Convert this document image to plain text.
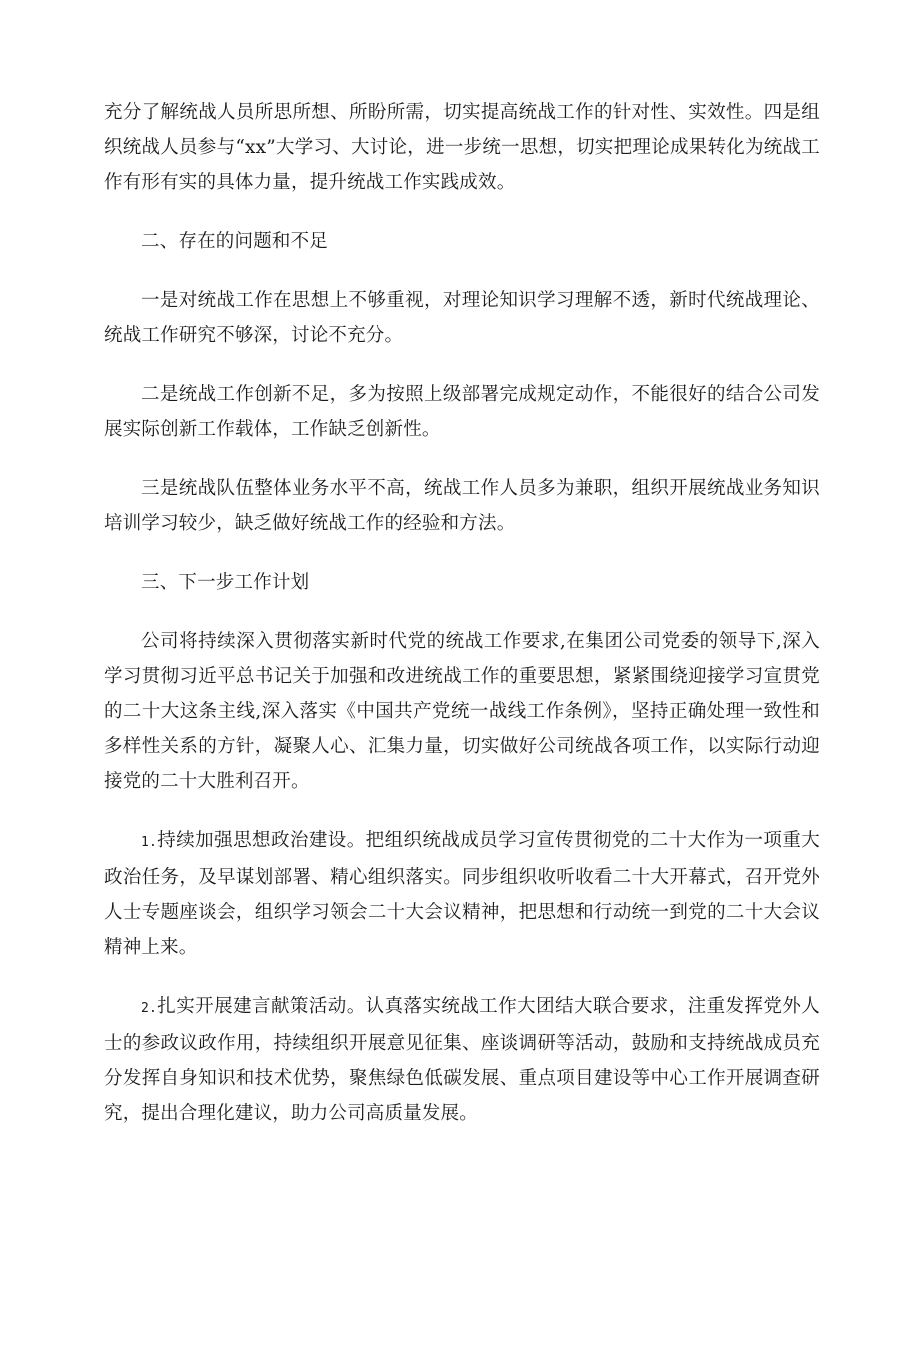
充分了解统战人员所思所想、所盼所需，切实提高统战工作的针对性、实效性。四是组织统战人员参与“xx”大学习、大讨论，进一步统一思想，切实把理论成果转化为统战工作有形有实的具体力量，提升统战工作实践成效。

二、存在的问题和不足

一是对统战工作在思想上不够重视，对理论知识学习理解不透，新时代统战理论、统战工作研究不够深，讨论不充分。

二是统战工作创新不足，多为按照上级部署完成规定动作，不能很好的结合公司发展实际创新工作载体，工作缺乏创新性。

三是统战队伍整体业务水平不高，统战工作人员多为兼职，组织开展统战业务知识培训学习较少，缺乏做好统战工作的经验和方法。

三、下一步工作计划

公司将持续深入贯彻落实新时代党的统战工作要求,在集团公司党委的领导下,深入学习贯彻习近平总书记关于加强和改进统战工作的重要思想，紧紧围绕迎接学习宣贯党的二十大这条主线,深入落实《中国共产党统一战线工作条例》，坚持正确处理一致性和多样性关系的方针，凝聚人心、汇集力量，切实做好公司统战各项工作，以实际行动迎接党的二十大胜利召开。

1.持续加强思想政治建设。把组织统战成员学习宣传贯彻党的二十大作为一项重大政治任务，及早谋划部署、精心组织落实。同步组织收听收看二十大开幕式，召开党外人士专题座谈会，组织学习领会二十大会议精神，把思想和行动统一到党的二十大会议精神上来。

2.扎实开展建言献策活动。认真落实统战工作大团结大联合要求，注重发挥党外人士的参政议政作用，持续组织开展意见征集、座谈调研等活动，鼓励和支持统战成员充分发挥自身知识和技术优势，聚焦绿色低碳发展、重点项目建设等中心工作开展调查研究，提出合理化建议，助力公司高质量发展。
